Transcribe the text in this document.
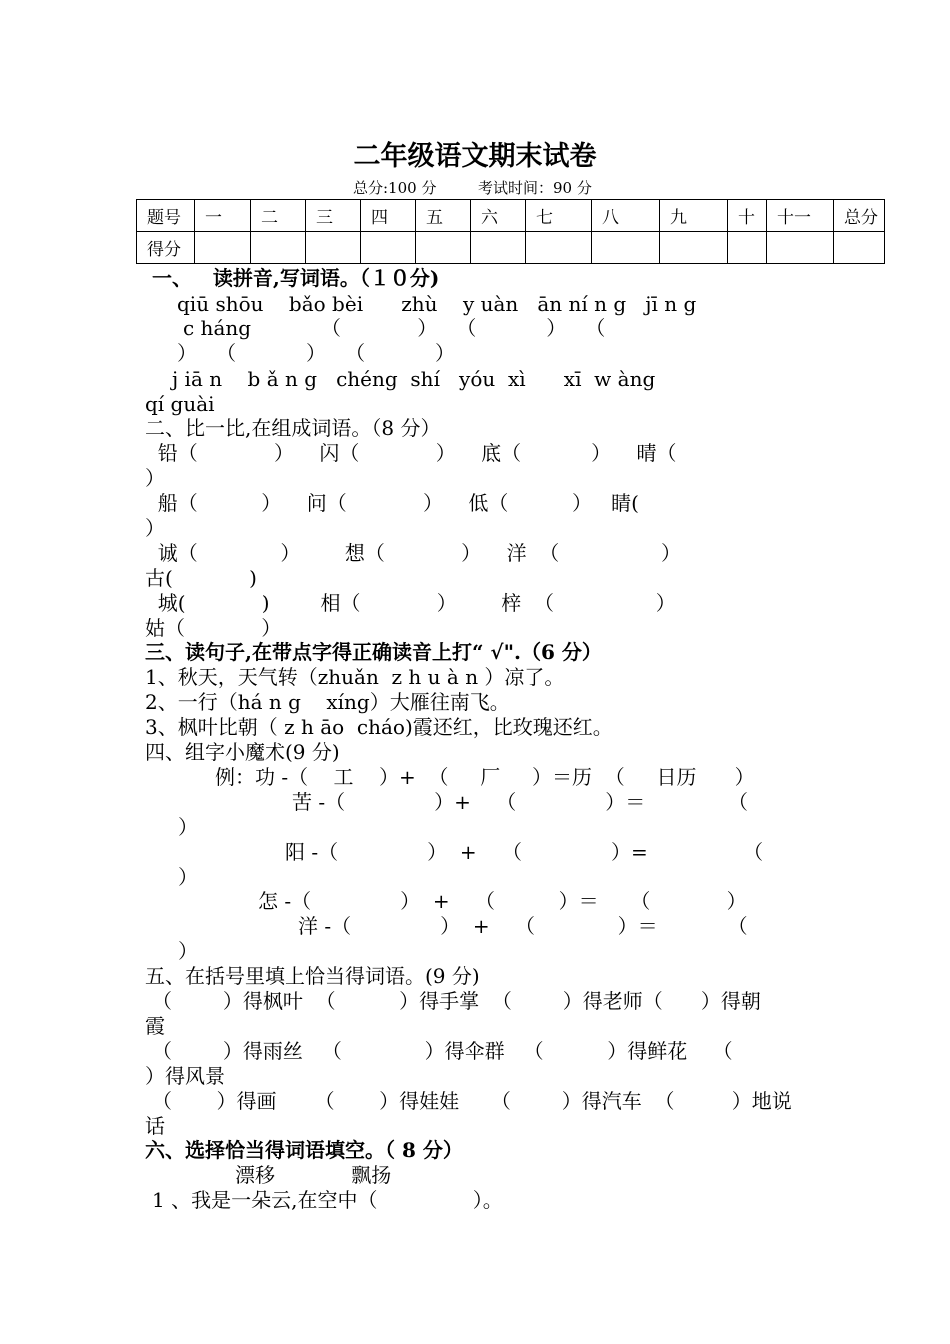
二年级语文期末试卷
总分:100 分	考试时间：90 分
题号	一	二	三	四	五	六	七	八	九	十	十一	总分
得分												
一、   读拼音,写词语。（１０分)
qiū shōu    bǎo bèi      zhù    y uàn   ān ní n g   jī n g
c háng           （            ）   （           ）   （
）   （           ）   （           ）
j iā n    b ǎ n g   chéng  shí   yóu  xì      xī  w àng
qí guài
二、比一比,在组成词语。（8 分）
铅（            ）    闪（            ）    底（           ）    晴（
）
船（          ）    问（            ）    低（          ）   睛(
）
诚（             ）       想（            ）    洋  （                ）
古(            )
城(            )        相（            ）       梓  （                ）
姑（            ）
三、读句子,在带点字得正确读音上打“ √".（6 分）
1、秋天，天气转（zhuǎn  z h u à n ）凉了。
2、一行（há n g    xíng）大雁往南飞。
3、枫叶比朝（ z h āo  cháo)霞还红，比玫瑰还红。
四、组字小魔术(9 分)
例：功 -（    工    ）+  （     厂     ）＝历  （     日历      ）
苦 -（              ）+    （              ）＝             （
）
阳 -（              ）  +    （              ）=               （
）
怎 -（              ）  +    （          ）＝     （            ）
洋 -（              ）  +    （             ）＝           （
）
五、在括号里填上恰当得词语。(9 分)
（        ）得枫叶  （          ）得手掌  （        ）得老师（      ）得朝
霞
（        ）得雨丝   （             ）得伞群   （          ）得鲜花    （
）得风景
（       ）得画      （       ）得娃娃     （        ）得汽车  （         ）地说
话
六、选择恰当得词语填空。（ 8 分）
漂移            飘扬
1 、我是一朵云,在空中（               ）。
